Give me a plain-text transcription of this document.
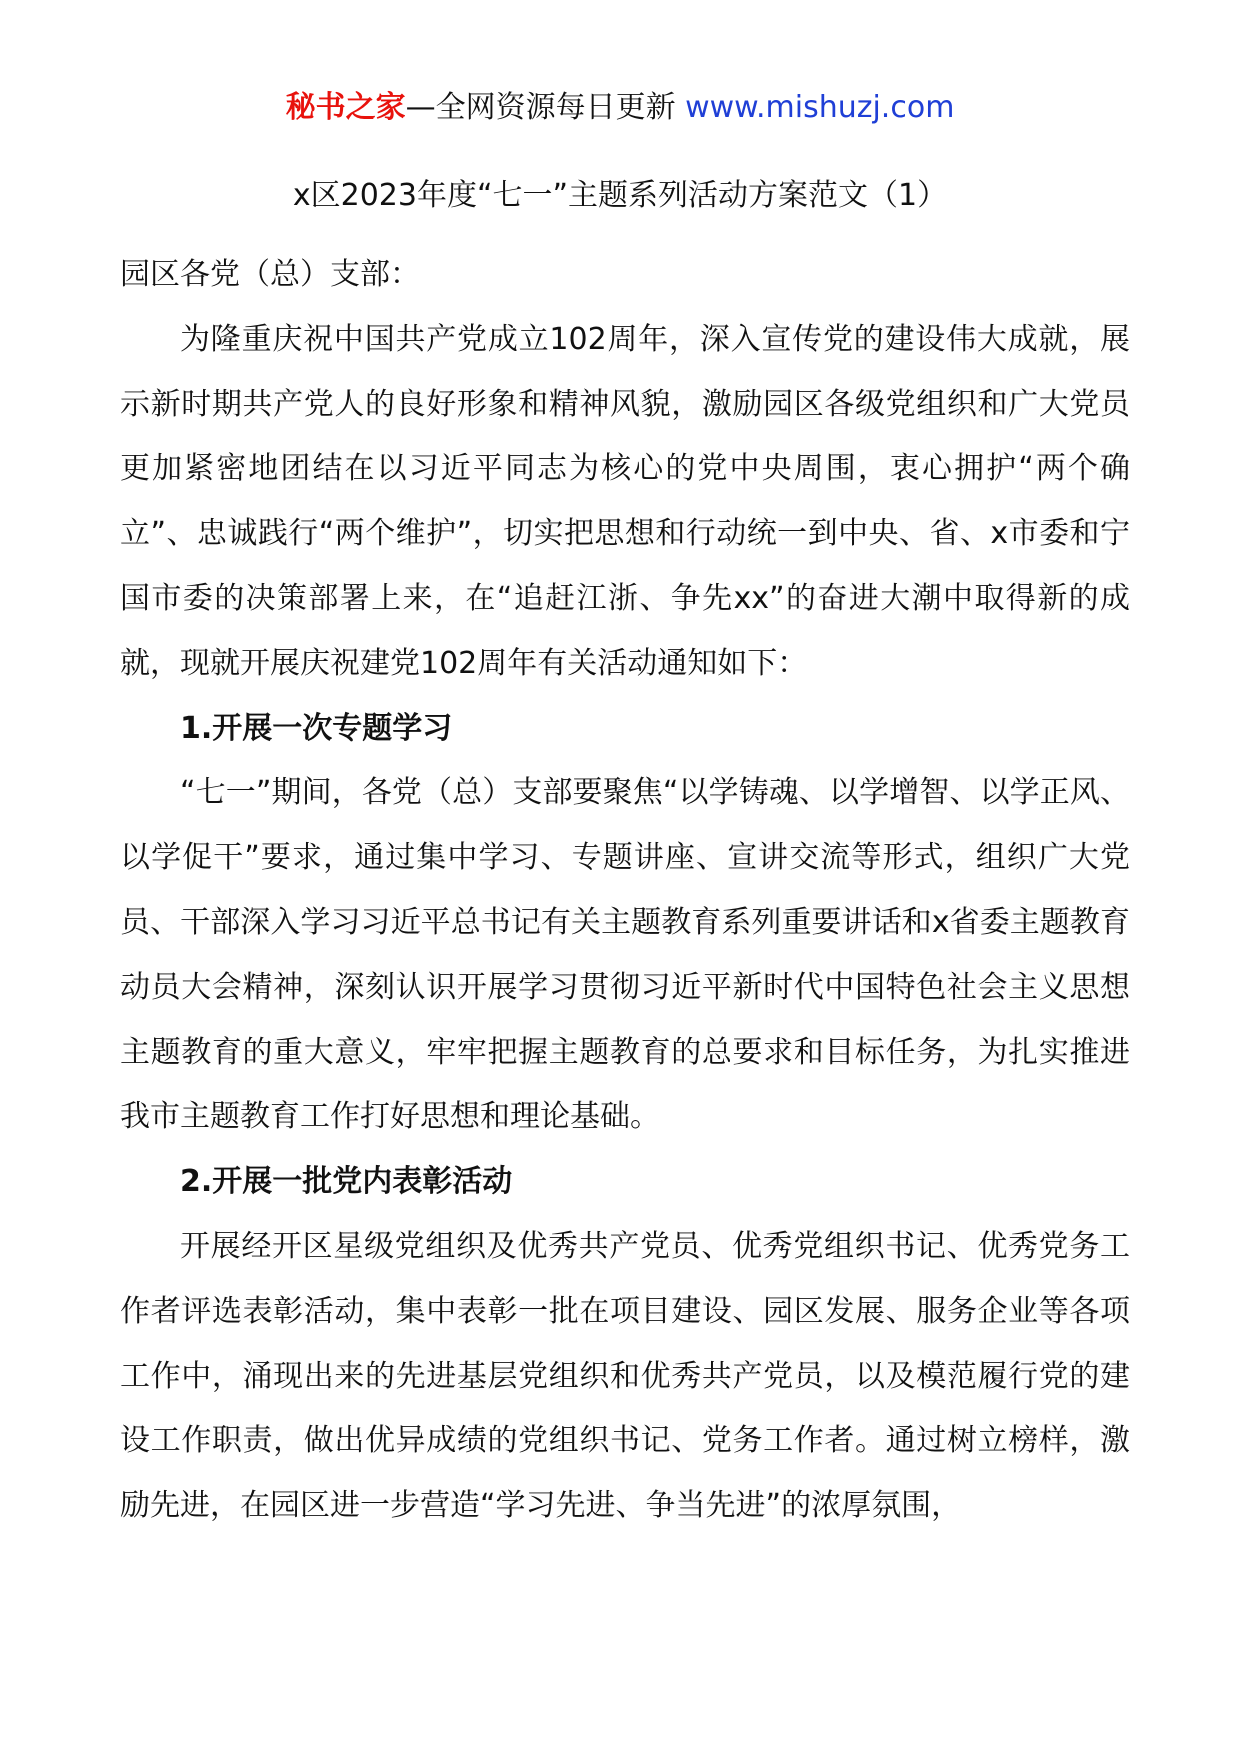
秘书之家—全网资源每日更新 www.mishuzj.com
x区2023年度“七一”主题系列活动方案范文（1）

园区各党（总）支部：

为隆重庆祝中国共产党成立102周年，深入宣传党的建设伟大成就，展示新时期共产党人的良好形象和精神风貌，激励园区各级党组织和广大党员更加紧密地团结在以习近平同志为核心的党中央周围，衷心拥护“两个确立”、忠诚践行“两个维护”，切实把思想和行动统一到中央、省、x市委和宁国市委的决策部署上来，在“追赶江浙、争先xx”的奋进大潮中取得新的成就，现就开展庆祝建党102周年有关活动通知如下：

1.开展一次专题学习

“七一”期间，各党（总）支部要聚焦“以学铸魂、以学增智、以学正风、以学促干”要求，通过集中学习、专题讲座、宣讲交流等形式，组织广大党员、干部深入学习习近平总书记有关主题教育系列重要讲话和x省委主题教育动员大会精神，深刻认识开展学习贯彻习近平新时代中国特色社会主义思想主题教育的重大意义，牢牢把握主题教育的总要求和目标任务，为扎实推进我市主题教育工作打好思想和理论基础。

2.开展一批党内表彰活动

开展经开区星级党组织及优秀共产党员、优秀党组织书记、优秀党务工作者评选表彰活动，集中表彰一批在项目建设、园区发展、服务企业等各项工作中，涌现出来的先进基层党组织和优秀共产党员，以及模范履行党的建设工作职责，做出优异成绩的党组织书记、党务工作者。通过树立榜样，激励先进，在园区进一步营造“学习先进、争当先进”的浓厚氛围，
